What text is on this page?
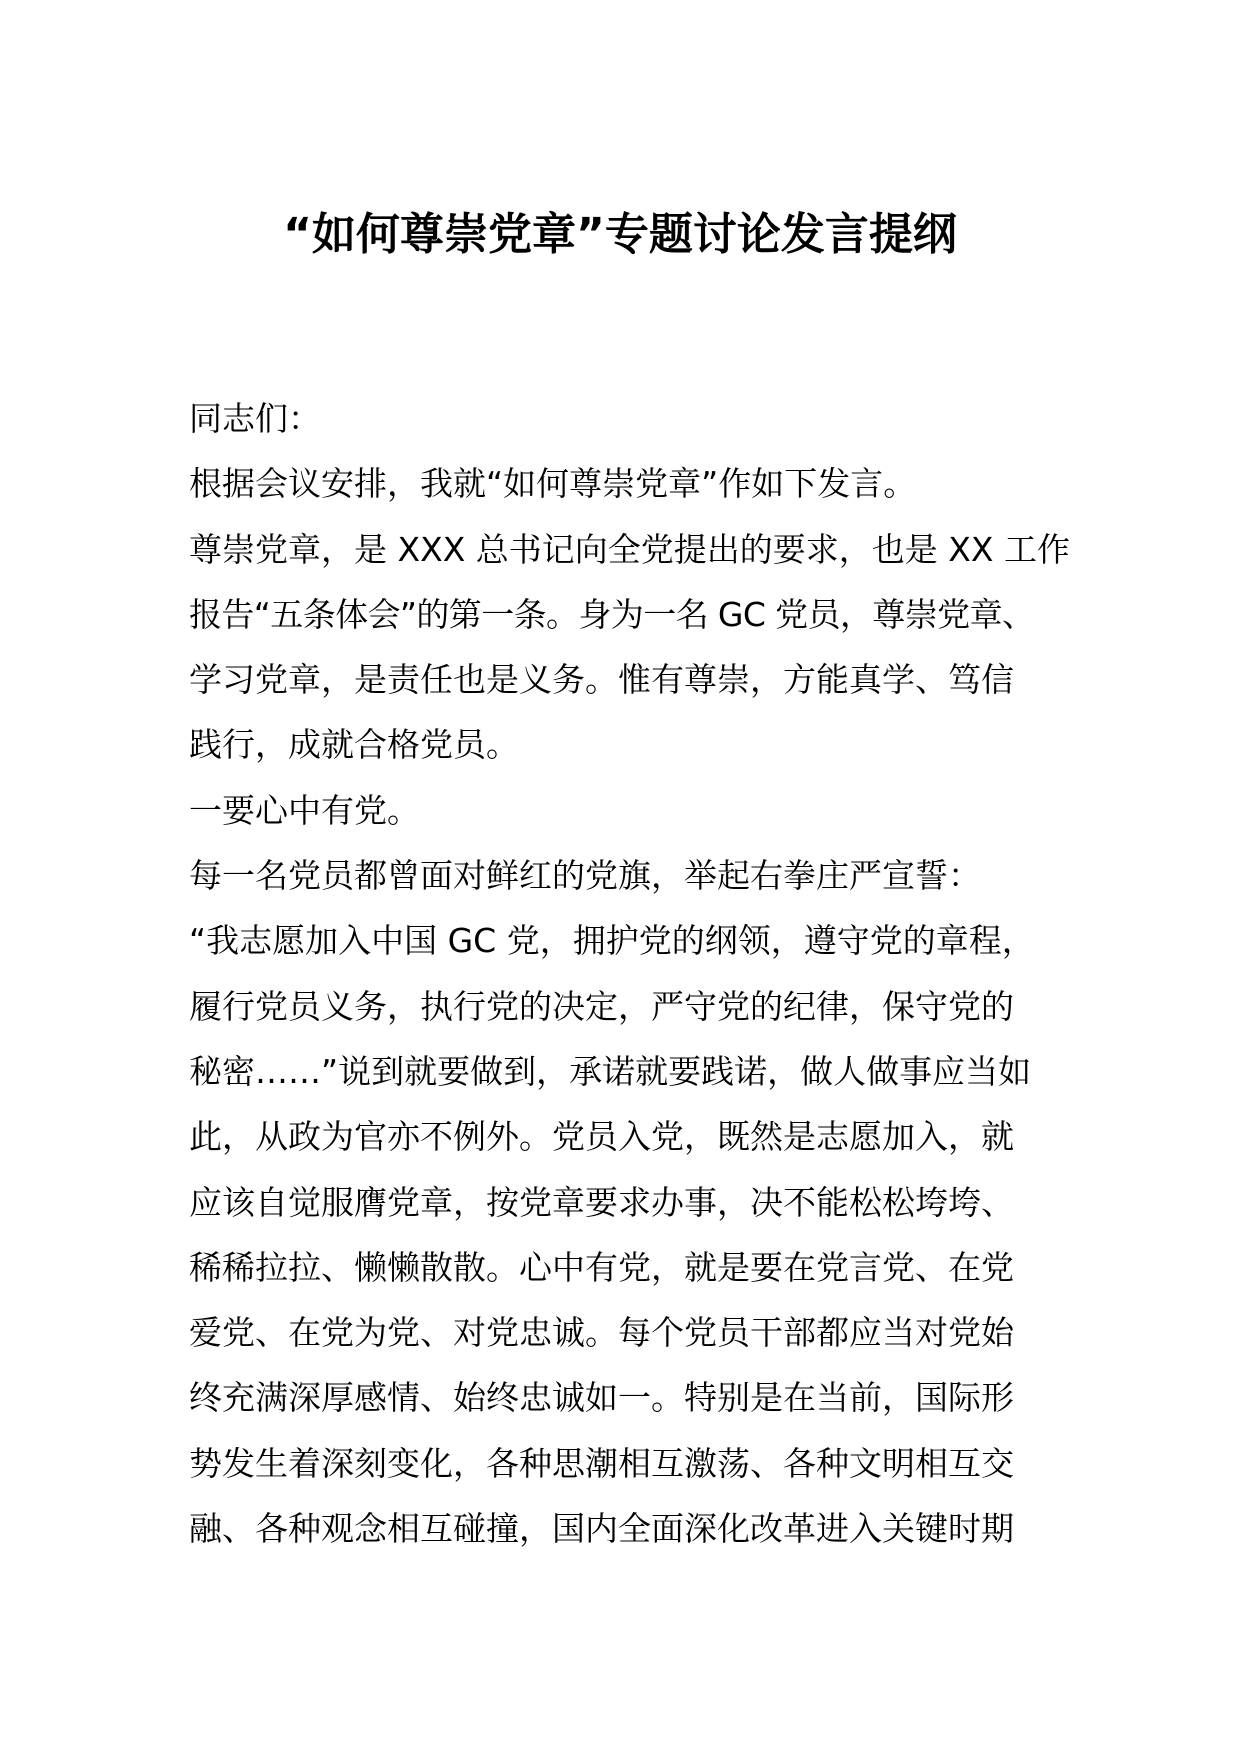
“如何尊崇党章”专题讨论发言提纲
同志们：
根据会议安排，我就“如何尊崇党章”作如下发言。
尊崇党章，是 XXX 总书记向全党提出的要求，也是 XX 工作
报告“五条体会”的第一条。身为一名 GC 党员，尊崇党章、
学习党章，是责任也是义务。惟有尊崇，方能真学、笃信
践行，成就合格党员。
一要心中有党。
每一名党员都曾面对鲜红的党旗，举起右拳庄严宣誓：
“我志愿加入中国 GC 党，拥护党的纲领，遵守党的章程，
履行党员义务，执行党的决定，严守党的纪律，保守党的
秘密……”说到就要做到，承诺就要践诺，做人做事应当如
此，从政为官亦不例外。党员入党，既然是志愿加入，就
应该自觉服膺党章，按党章要求办事，决不能松松垮垮、
稀稀拉拉、懒懒散散。心中有党，就是要在党言党、在党
爱党、在党为党、对党忠诚。每个党员干部都应当对党始
终充满深厚感情、始终忠诚如一。特别是在当前，国际形
势发生着深刻变化，各种思潮相互激荡、各种文明相互交
融、各种观念相互碰撞，国内全面深化改革进入关键时期
